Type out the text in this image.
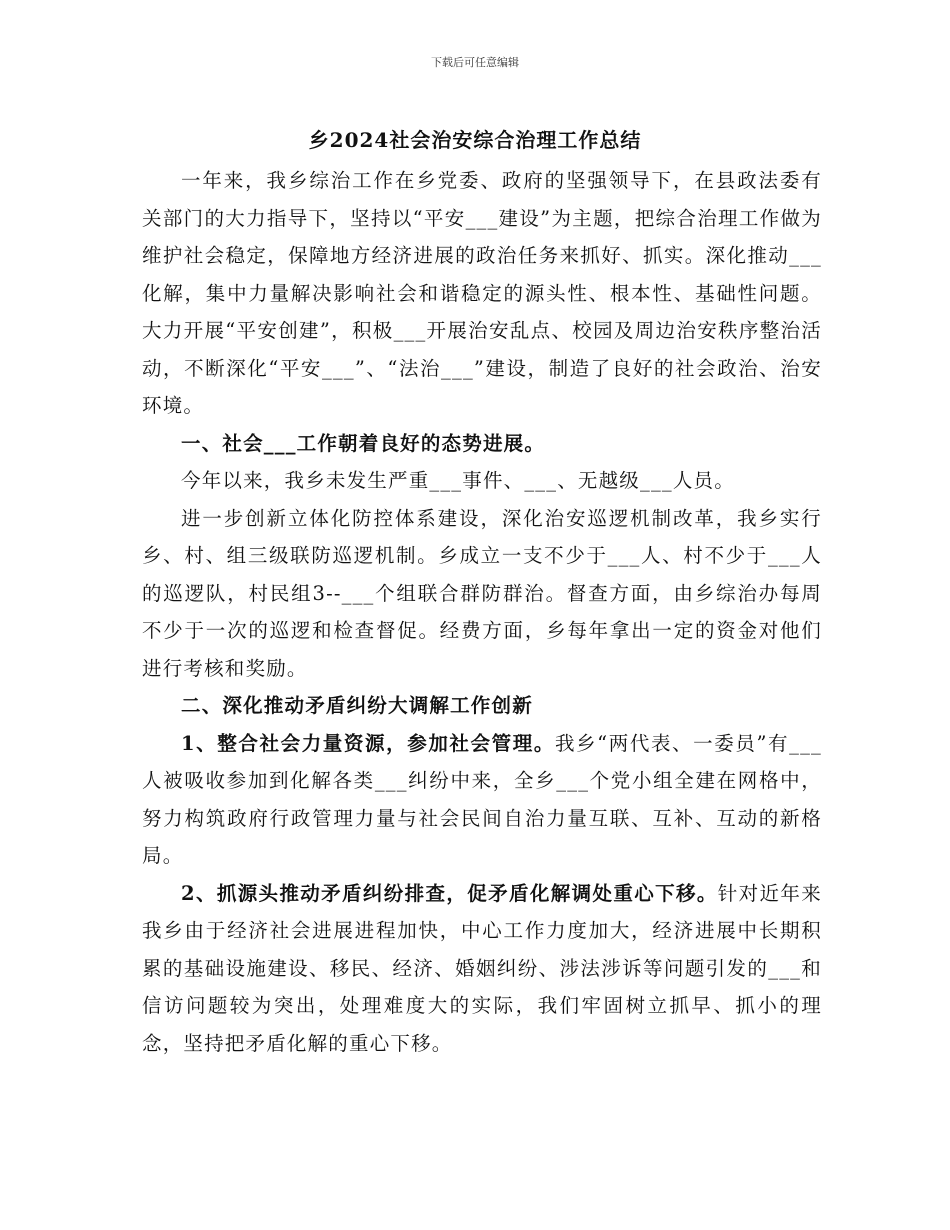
下载后可任意编辑
乡2024社会治安综合治理工作总结

一年来，我乡综治工作在乡党委、政府的坚强领导下，在县政法委有关部门的大力指导下，坚持以“平安___建设”为主题，把综合治理工作做为维护社会稳定，保障地方经济进展的政治任务来抓好、抓实。深化推动___化解，集中力量解决影响社会和谐稳定的源头性、根本性、基础性问题。大力开展“平安创建”，积极___开展治安乱点、校园及周边治安秩序整治活动，不断深化“平安___”、“法治___”建设，制造了良好的社会政治、治安环境。

一、社会___工作朝着良好的态势进展。

今年以来，我乡未发生严重___事件、___、无越级___人员。

进一步创新立体化防控体系建设，深化治安巡逻机制改革，我乡实行乡、村、组三级联防巡逻机制。乡成立一支不少于___人、村不少于___人的巡逻队，村民组3--___个组联合群防群治。督查方面，由乡综治办每周不少于一次的巡逻和检查督促。经费方面，乡每年拿出一定的资金对他们进行考核和奖励。

二、深化推动矛盾纠纷大调解工作创新

1、整合社会力量资源，参加社会管理。我乡“两代表、一委员”有___人被吸收参加到化解各类___纠纷中来，全乡___个党小组全建在网格中，努力构筑政府行政管理力量与社会民间自治力量互联、互补、互动的新格局。

2、抓源头推动矛盾纠纷排查，促矛盾化解调处重心下移。针对近年来我乡由于经济社会进展进程加快，中心工作力度加大，经济进展中长期积累的基础设施建设、移民、经济、婚姻纠纷、涉法涉诉等问题引发的___和信访问题较为突出，处理难度大的实际，我们牢固树立抓早、抓小的理念，坚持把矛盾化解的重心下移。
